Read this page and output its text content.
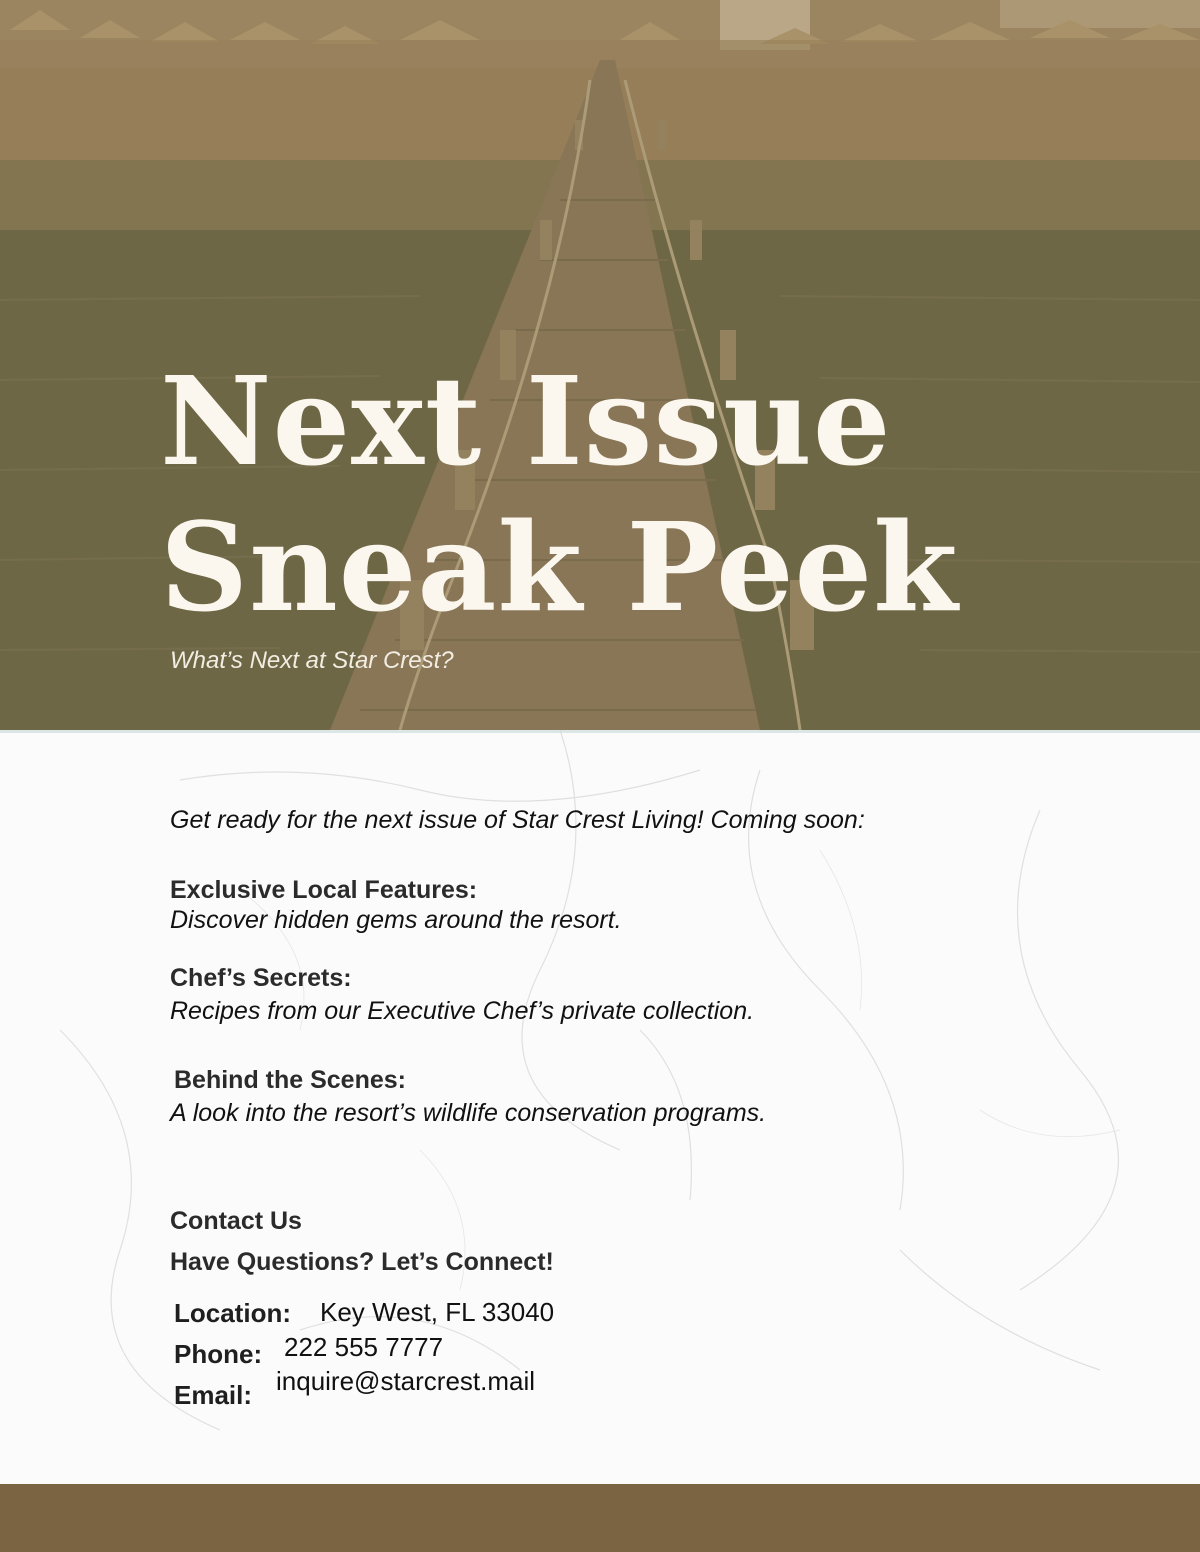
Next Issue
Sneak Peek
What’s Next at Star Crest?
Get ready for the next issue of Star Crest Living! Coming soon:
Exclusive Local Features:
Discover hidden gems around the resort.
Chef’s Secrets:
Recipes from our Executive Chef’s private collection.
Behind the Scenes:
A look into the resort’s wildlife conservation programs.
Contact Us
Have Questions? Let’s Connect!
Location: Key West, FL 33040
Phone: 222 555 7777
Email: inquire@starcrest.mail
